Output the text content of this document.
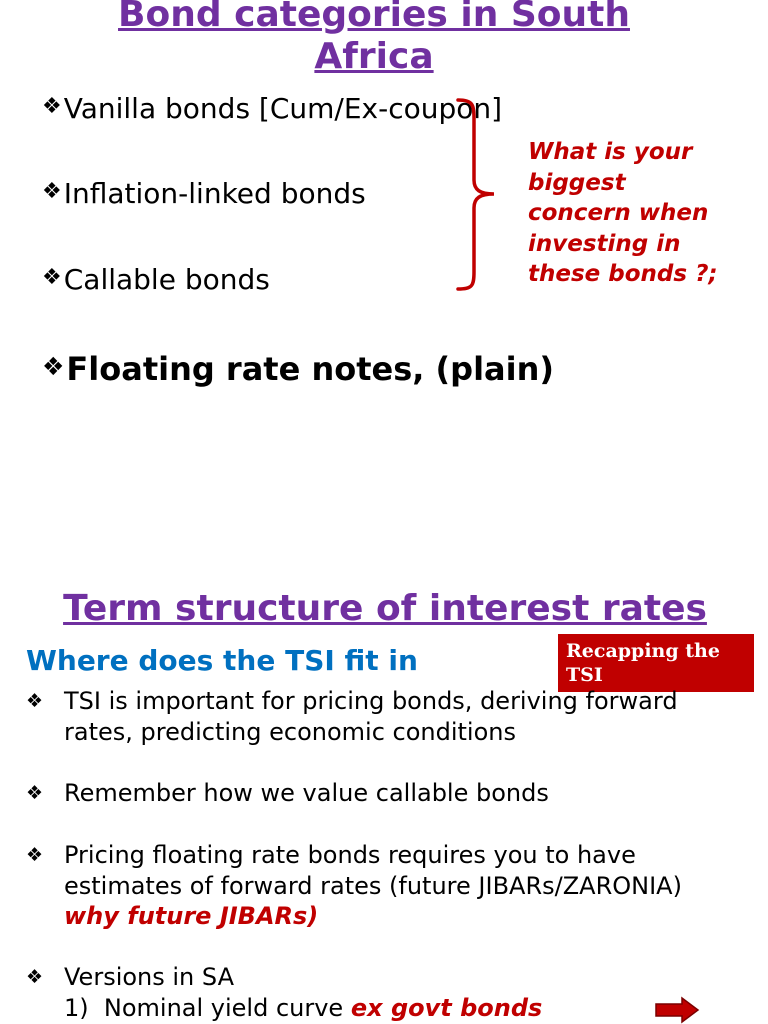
Bond categories in South
Africa
❖Vanilla bonds [Cum/Ex-coupon]
❖Inflation-linked bonds
❖Callable bonds
❖Floating rate notes, (plain)
What is your
biggest
concern when
investing in
these bonds ?;
Term structure of interest rates
Where does the TSI fit in	Recapping the
TSI
❖ TSI is important for pricing bonds, deriving forward
rates, predicting economic conditions
❖ Remember how we value callable bonds
❖ Pricing floating rate bonds requires you to have
estimates of forward rates (future JIBARs/ZARONIA)
why future JIBARs)
❖ Versions in SA
1)  Nominal yield curve ex govt bonds
